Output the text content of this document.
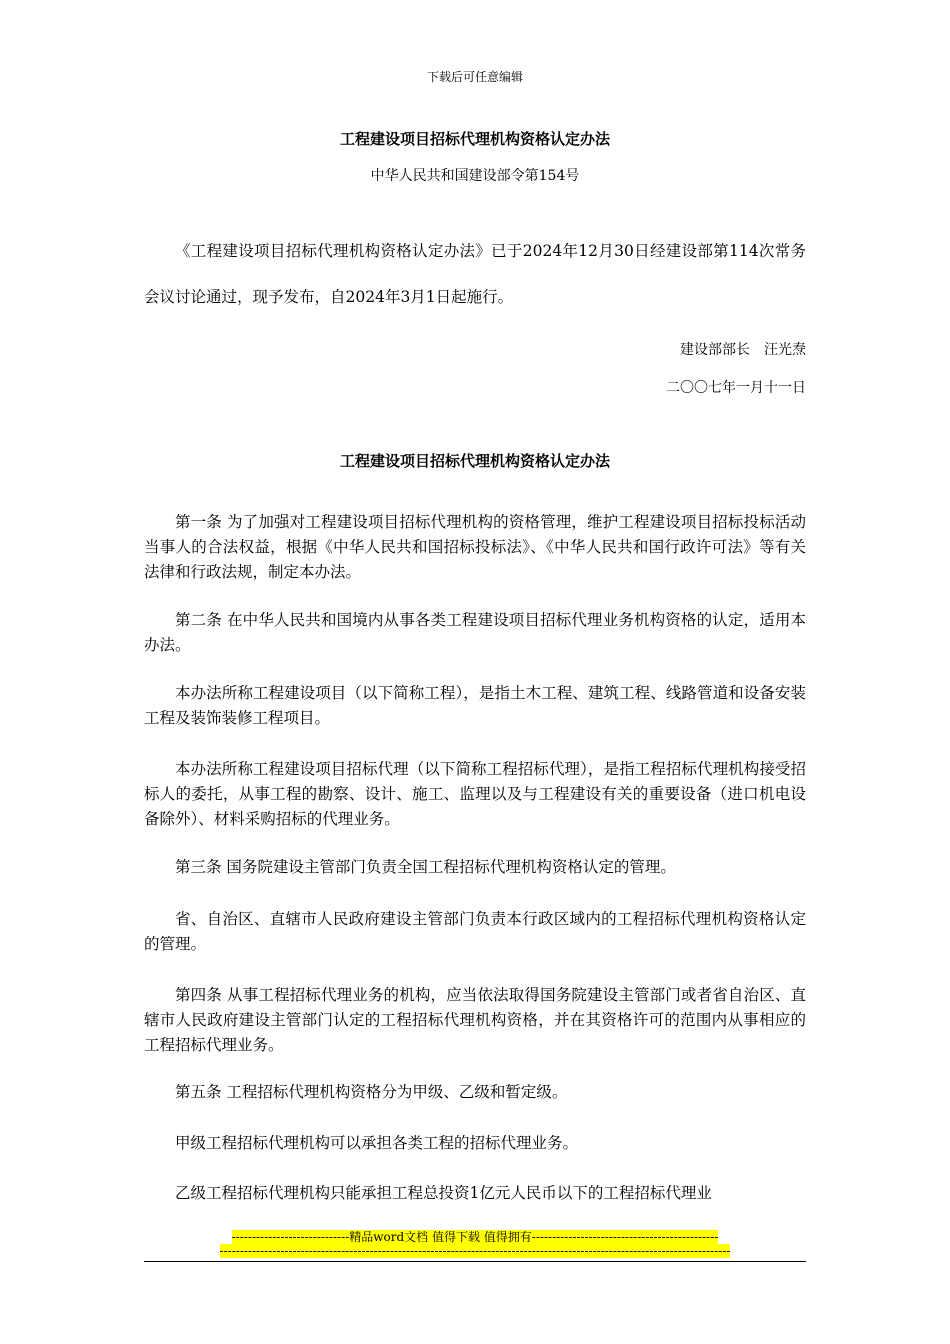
下载后可任意编辑
工程建设项目招标代理机构资格认定办法
中华人民共和国建设部令第154号

《工程建设项目招标代理机构资格认定办法》已于2024年12月30日经建设部第114次常务会议讨论通过，现予发布，自2024年3月1日起施行。

建设部部长　汪光焘
二〇〇七年一月十一日
工程建设项目招标代理机构资格认定办法

第一条 为了加强对工程建设项目招标代理机构的资格管理，维护工程建设项目招标投标活动当事人的合法权益，根据《中华人民共和国招标投标法》、《中华人民共和国行政许可法》等有关法律和行政法规，制定本办法。

第二条 在中华人民共和国境内从事各类工程建设项目招标代理业务机构资格的认定，适用本办法。

本办法所称工程建设项目（以下简称工程），是指土木工程、建筑工程、线路管道和设备安装工程及装饰装修工程项目。

本办法所称工程建设项目招标代理（以下简称工程招标代理），是指工程招标代理机构接受招标人的委托，从事工程的勘察、设计、施工、监理以及与工程建设有关的重要设备（进口机电设备除外）、材料采购招标的代理业务。

第三条 国务院建设主管部门负责全国工程招标代理机构资格认定的管理。

省、自治区、直辖市人民政府建设主管部门负责本行政区域内的工程招标代理机构资格认定的管理。

第四条 从事工程招标代理业务的机构，应当依法取得国务院建设主管部门或者省自治区、直辖市人民政府建设主管部门认定的工程招标代理机构资格，并在其资格许可的范围内从事相应的工程招标代理业务。

第五条 工程招标代理机构资格分为甲级、乙级和暂定级。

甲级工程招标代理机构可以承担各类工程的招标代理业务。

乙级工程招标代理机构只能承担工程总投资1亿元人民币以下的工程招标代理业

-----------------------------精品word文档 值得下载 值得拥有----------------------------------------------
------------------------------------------------------------------------------------------------------------------------------
